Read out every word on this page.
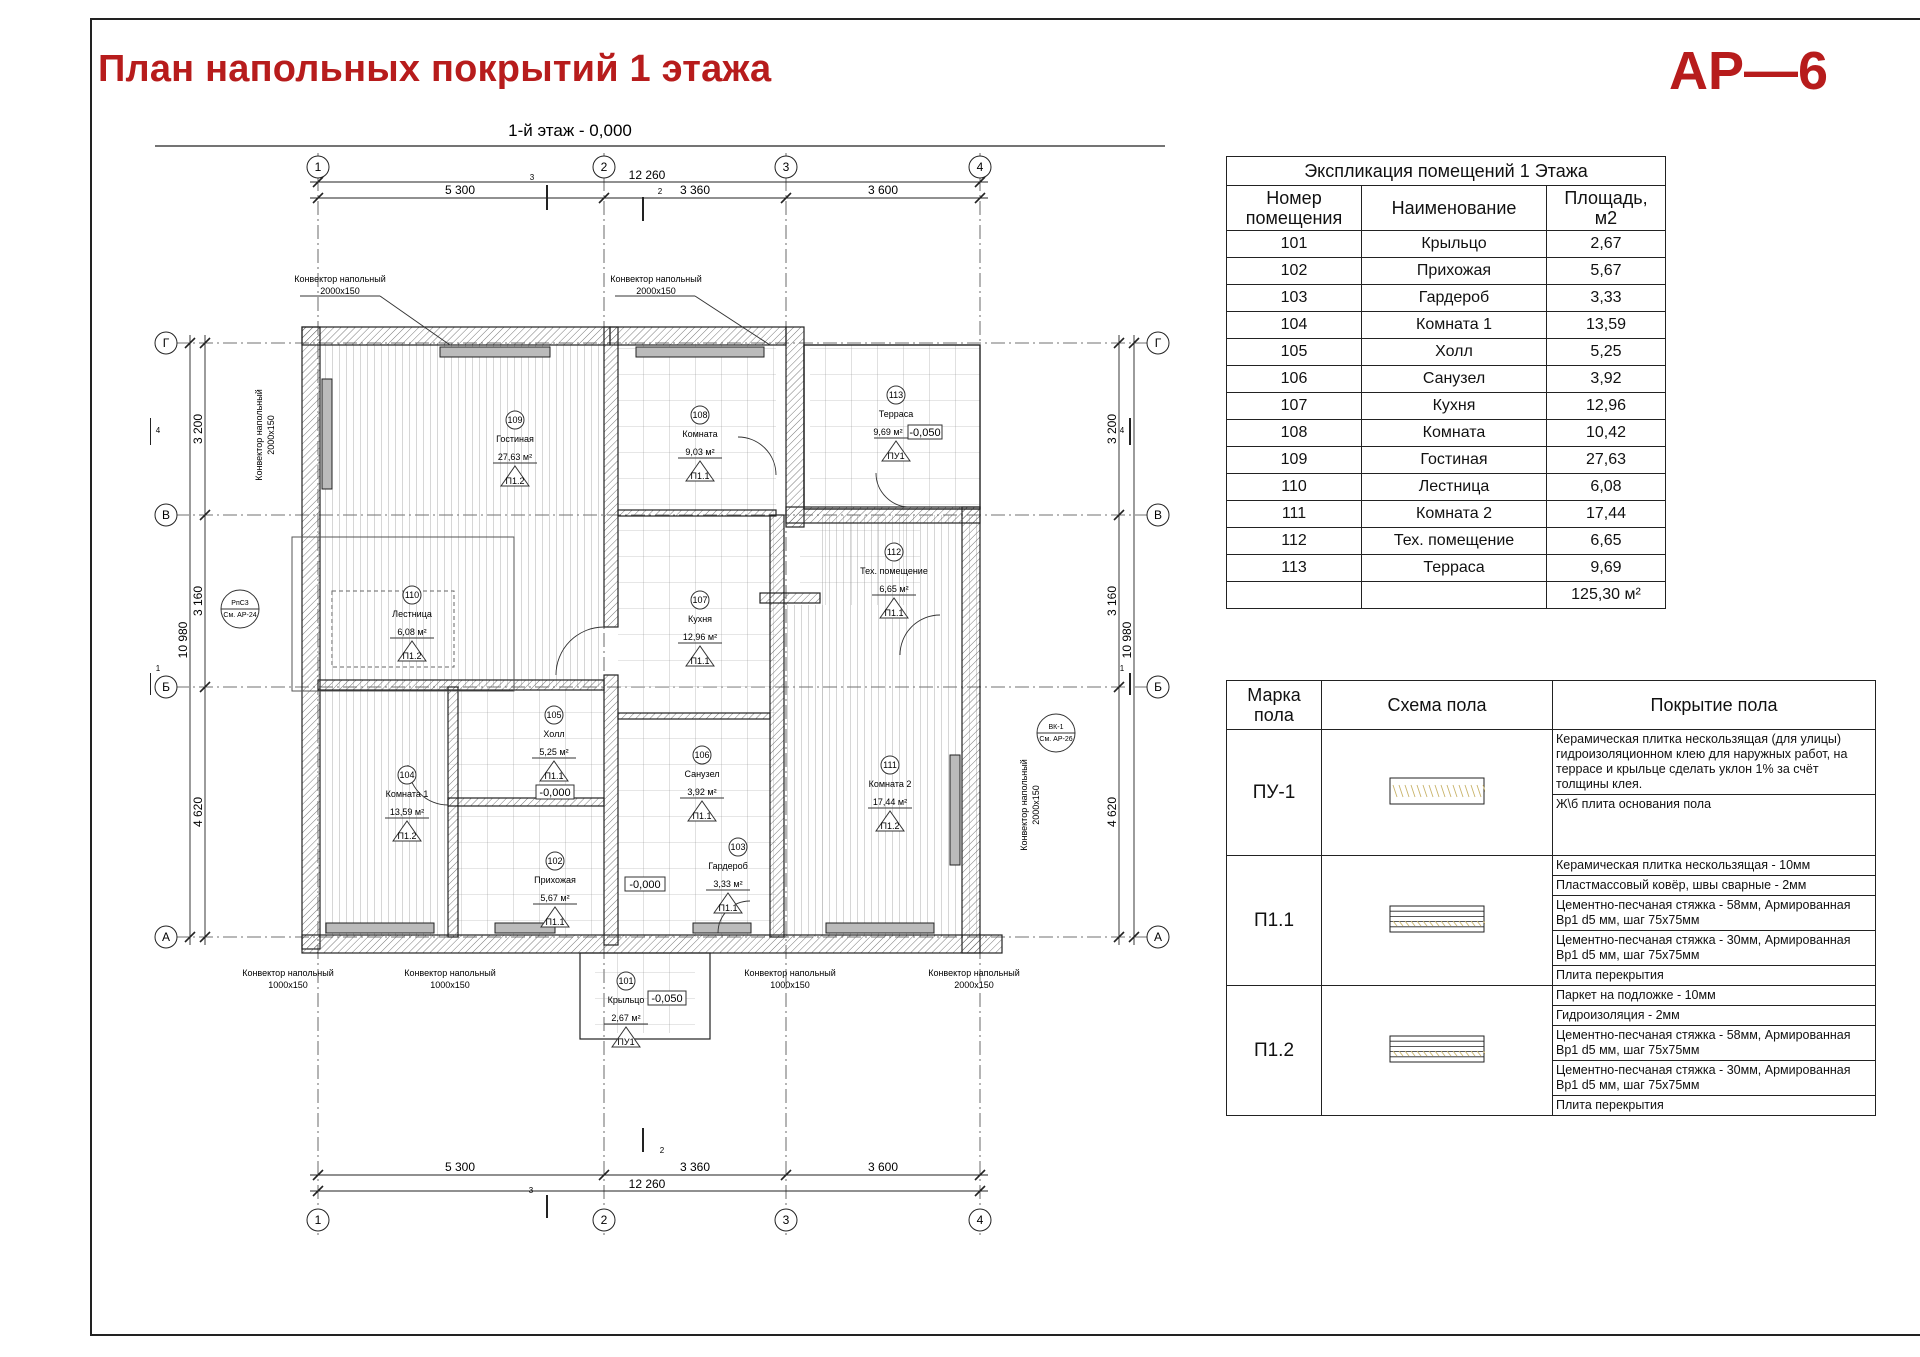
План напольных покрытий 1 этажа	АР—6
1-й этаж - 0,000
1	2	3	4
1	2	3	4
Г
В
Б
А
Г
В
Б
А
5 300	3 360	3 600
12 260
5 300	3 360	3 600
12 260
3 200
3 160
4 620
10 980
3 200
3 160
4 620
10 980
109
Гостиная
27,63 м²
П1.2
108
Комната
9,03 м²
П1.1
113
Терраса
9,69 м² -0,050
ПУ1
110
Лестница
6,08 м²
П1.2
107
Кухня
12,96 м²
П1.1
112
Тех. помещение
6,65 м²
П1.1
105
Холл
5,25 м²
П1.1
-0,000
104
Комната 1
13,59 м²
П1.2
106
Санузел
3,92 м²
П1.1
111
Комната 2
17,44 м²
П1.2
102
Прихожая
5,67 м²
П1.1
-0,000
103
Гардероб
3,33 м²
П1.1
101
Крыльцо
2,67 м²
-0,050
ПУ1
Конвектор напольный
2000x150
Конвектор напольный
2000x150
Конвектор напольный 2000x150
Конвектор напольный
1000x150
Конвектор напольный
1000x150
Конвектор напольный
1000x150
Конвектор напольный
2000x150
Конвектор напольный 2000x150
РпС3
См. АР-24
ВК-1
См. АР-26
3
2
2
3
4	4
1	1
Экспликация помещений 1 Этажа		
Номер помещения	Наименование	Площадь, м2
101	Крыльцо	2,67
102	Прихожая	5,67
103	Гардероб	3,33
104	Комната 1	13,59
105	Холл	5,25
106	Санузел	3,92
107	Кухня	12,96
108	Комната	10,42
109	Гостиная	27,63
110	Лестница	6,08
111	Комната 2	17,44
112	Тех. помещение	6,65
113	Терраса	9,69
		125,30 м²
Марка пола	Схема пола	Покрытие пола
ПУ-1		Керамическая плитка нескользящая (для улицы) гидроизоляционном клею для наружных работ, на террасе и крыльце сделать уклон 1% за счёт толщины клея.
Ж\б плита основания пола

П1.1		Керамическая плитка нескользящая - 10мм
Пластмассовый ковёр, швы сварные - 2мм
Цементно-песчаная стяжка - 58мм, Армированная Вр1 d5 мм, шаг 75х75мм
Цементно-песчаная стяжка - 30мм, Армированная Вр1 d5 мм, шаг 75х75мм
Плита перекрытия

П1.2		Паркет на подложке - 10мм
Гидроизоляция - 2мм
Цементно-песчаная стяжка - 58мм, Армированная Вр1 d5 мм, шаг 75х75мм
Цементно-песчаная стяжка - 30мм, Армированная Вр1 d5 мм, шаг 75х75мм
Плита перекрытия
